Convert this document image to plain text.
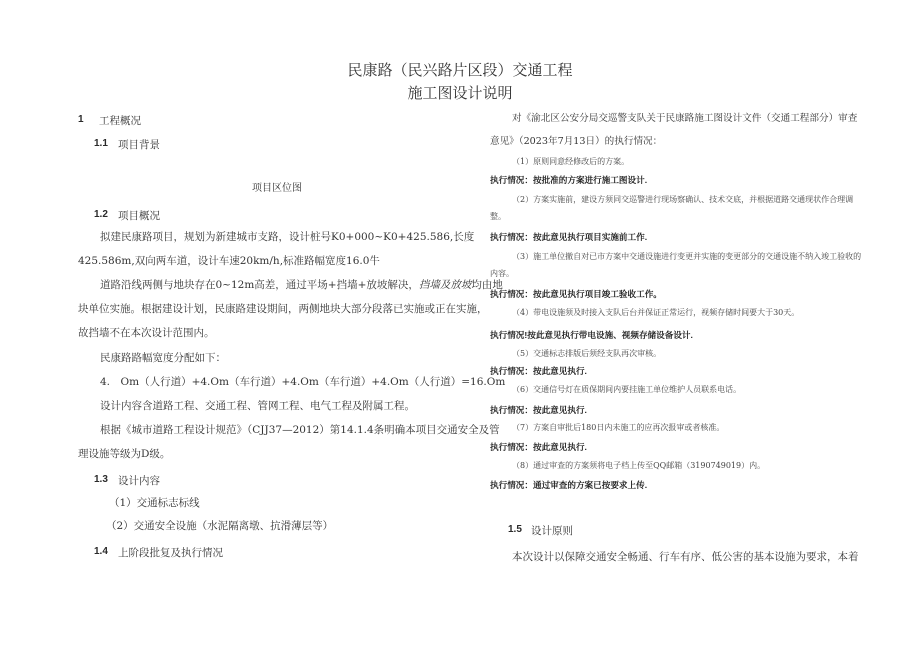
民康路（民兴路片区段）交通工程
施工图设计说明
1 工程概况
1.1 项目背景
项目区位图
1.2 项目概况
拟建民康路项目，规划为新建城市支路，设计桩号K0+000~K0+425.586,长度
425.586m,双向两车道，设计车速20km/h,标准路幅宽度16.0牛
道路沿线两侧与地块存在0~12m高差，通过平场+挡墙+放坡解决，挡墙及放坡均由地
块单位实施。根据建设计划，民康路建设期间，两侧地块大部分段落已实施或正在实施，
故挡墙不在本次设计范围内。
民康路路幅宽度分配如下：
4.　Om（人行道）+4.Om（车行道）+4.Om（车行道）+4.Om（人行道）=16.Om
设计内容含道路工程、交通工程、管网工程、电气工程及附属工程。
根据《城市道路工程设计规范》（CJJ37—2012）第14.1.4条明确本项目交通安全及管
理设施等级为D级。
1.3 设计内容
（1）交通标志标线
（2）交通安全设施（水泥隔离墩、抗滑薄层等）
1.4 上阶段批复及执行情况
对《渝北区公安分局交巡警支队关于民康路施工图设计文件（交通工程部分）审查
意见》（2023年7月13日）的执行情况：
（1）原则同意经修改后的方案。
执行情况：按批准的方案进行施工图设计.
（2）方案实施前，建设方须同交巡警进行现场察确认、技术交底，并根据道路交通现状作合理调
整。
执行情况：按此意见执行项目实施前工作.
（3）施工单位撤自对已市方案中交通设施进行变更并实施的变更部分的交通设施不纳入竣工验收的
内容。
执行情况：按此意见执行项目竣工验收工作。
（4）带电设施须及时接入支队后台并保证正常运行，视频存储时间要大于30天。
执行情况!按此意见执行带电设施、视频存储设备设计.
（5）交通标志排版后须经支队再次审核。
执行情况：按此意见执行.
（6）交通信号灯在质保期间内要挂施工单位维护人员联系电话。
执行情况：按此意见执行.
（7）方案自审批后180日内未施工的应再次报审或者核准。
执行情况：按此意见执行.
（8）通过审查的方案须将电子档上传至QQ邮箱（3190749019）内。
执行情况：通过审查的方案已按要求上传.
1.5 设计原则
本次设计以保障交通安全畅通、行车有序、低公害的基本设施为要求，本着
